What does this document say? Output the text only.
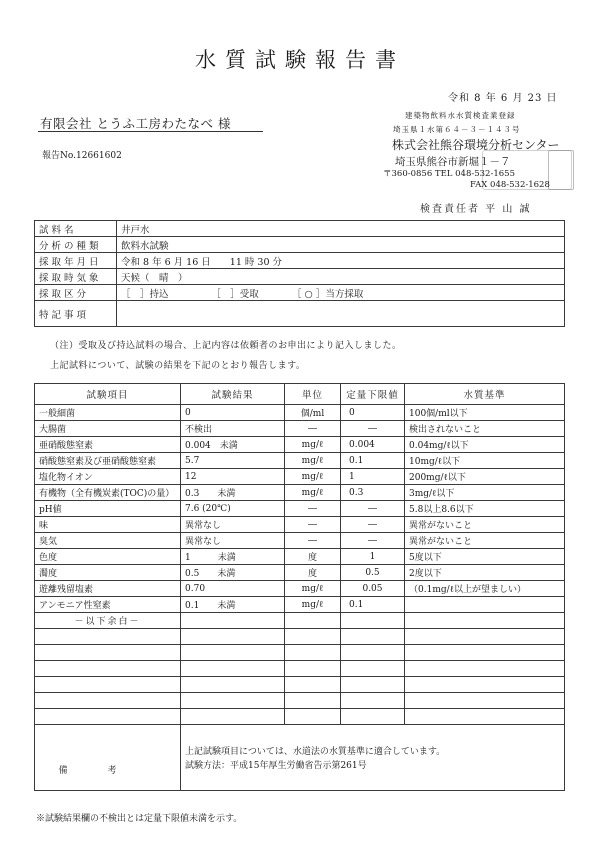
水質試験報告書
令和 8 年 6 月 23 日
有限会社 とうふ工房わたなべ 様
報告No.12661602
建築物飲料水水質検査業登録
埼玉県１水第６４－３－１４３号
株式会社熊谷環境分析センター
埼玉県熊谷市新堀１－７
〒360-0856 TEL 048-532-1655
FAX 048-532-1628
検査責任者 平 山 誠
試料名	井戸水
分析の種類	飲料水試験
採取年月日	令和 8 年 6 月 16 日　　11 時 30 分
採取時気象	天候（　晴　）
採取区分	［　］持込　　　　　［　］受取　　　　［ ○ ］当方採取
特記事項	
（注）受取及び持込試料の場合、上記内容は依頼者のお申出により記入しました。
上記試料について、試験の結果を下記のとおり報告します。
試験項目	試験結果	単位	定量下限値	水質基準
一般細菌	0	個/ml	0	100個/ml以下
大腸菌	不検出	―	―	検出されないこと
亜硝酸態窒素	0.004　未満	mg/ℓ	0.004	0.04mg/ℓ以下
硝酸態窒素及び亜硝酸態窒素	5.7	mg/ℓ	0.1	10mg/ℓ以下
塩化物イオン	12	mg/ℓ	1	200mg/ℓ以下
有機物（全有機炭素(TOC)の量）	0.3　　未満	mg/ℓ	0.3	3mg/ℓ以下
pH値	7.6 (20℃)	―	―	5.8以上8.6以下
味	異常なし	―	―	異常がないこと
臭気	異常なし	―	―	異常がないこと
色度	1　　　未満	度	1	5度以下
濁度	0.5　　未満	度	0.5	2度以下
遊離残留塩素	0.70	mg/ℓ	0.05	（0.1mg/ℓ以上が望ましい）
アンモニア性窒素	0.1　　未満	mg/ℓ	0.1	

－以下余白－				

備考	上記試験項目については、水道法の水質基準に適合しています。
試験方法：平成15年厚生労働省告示第261号			
※試験結果欄の不検出とは定量下限値未満を示す。
